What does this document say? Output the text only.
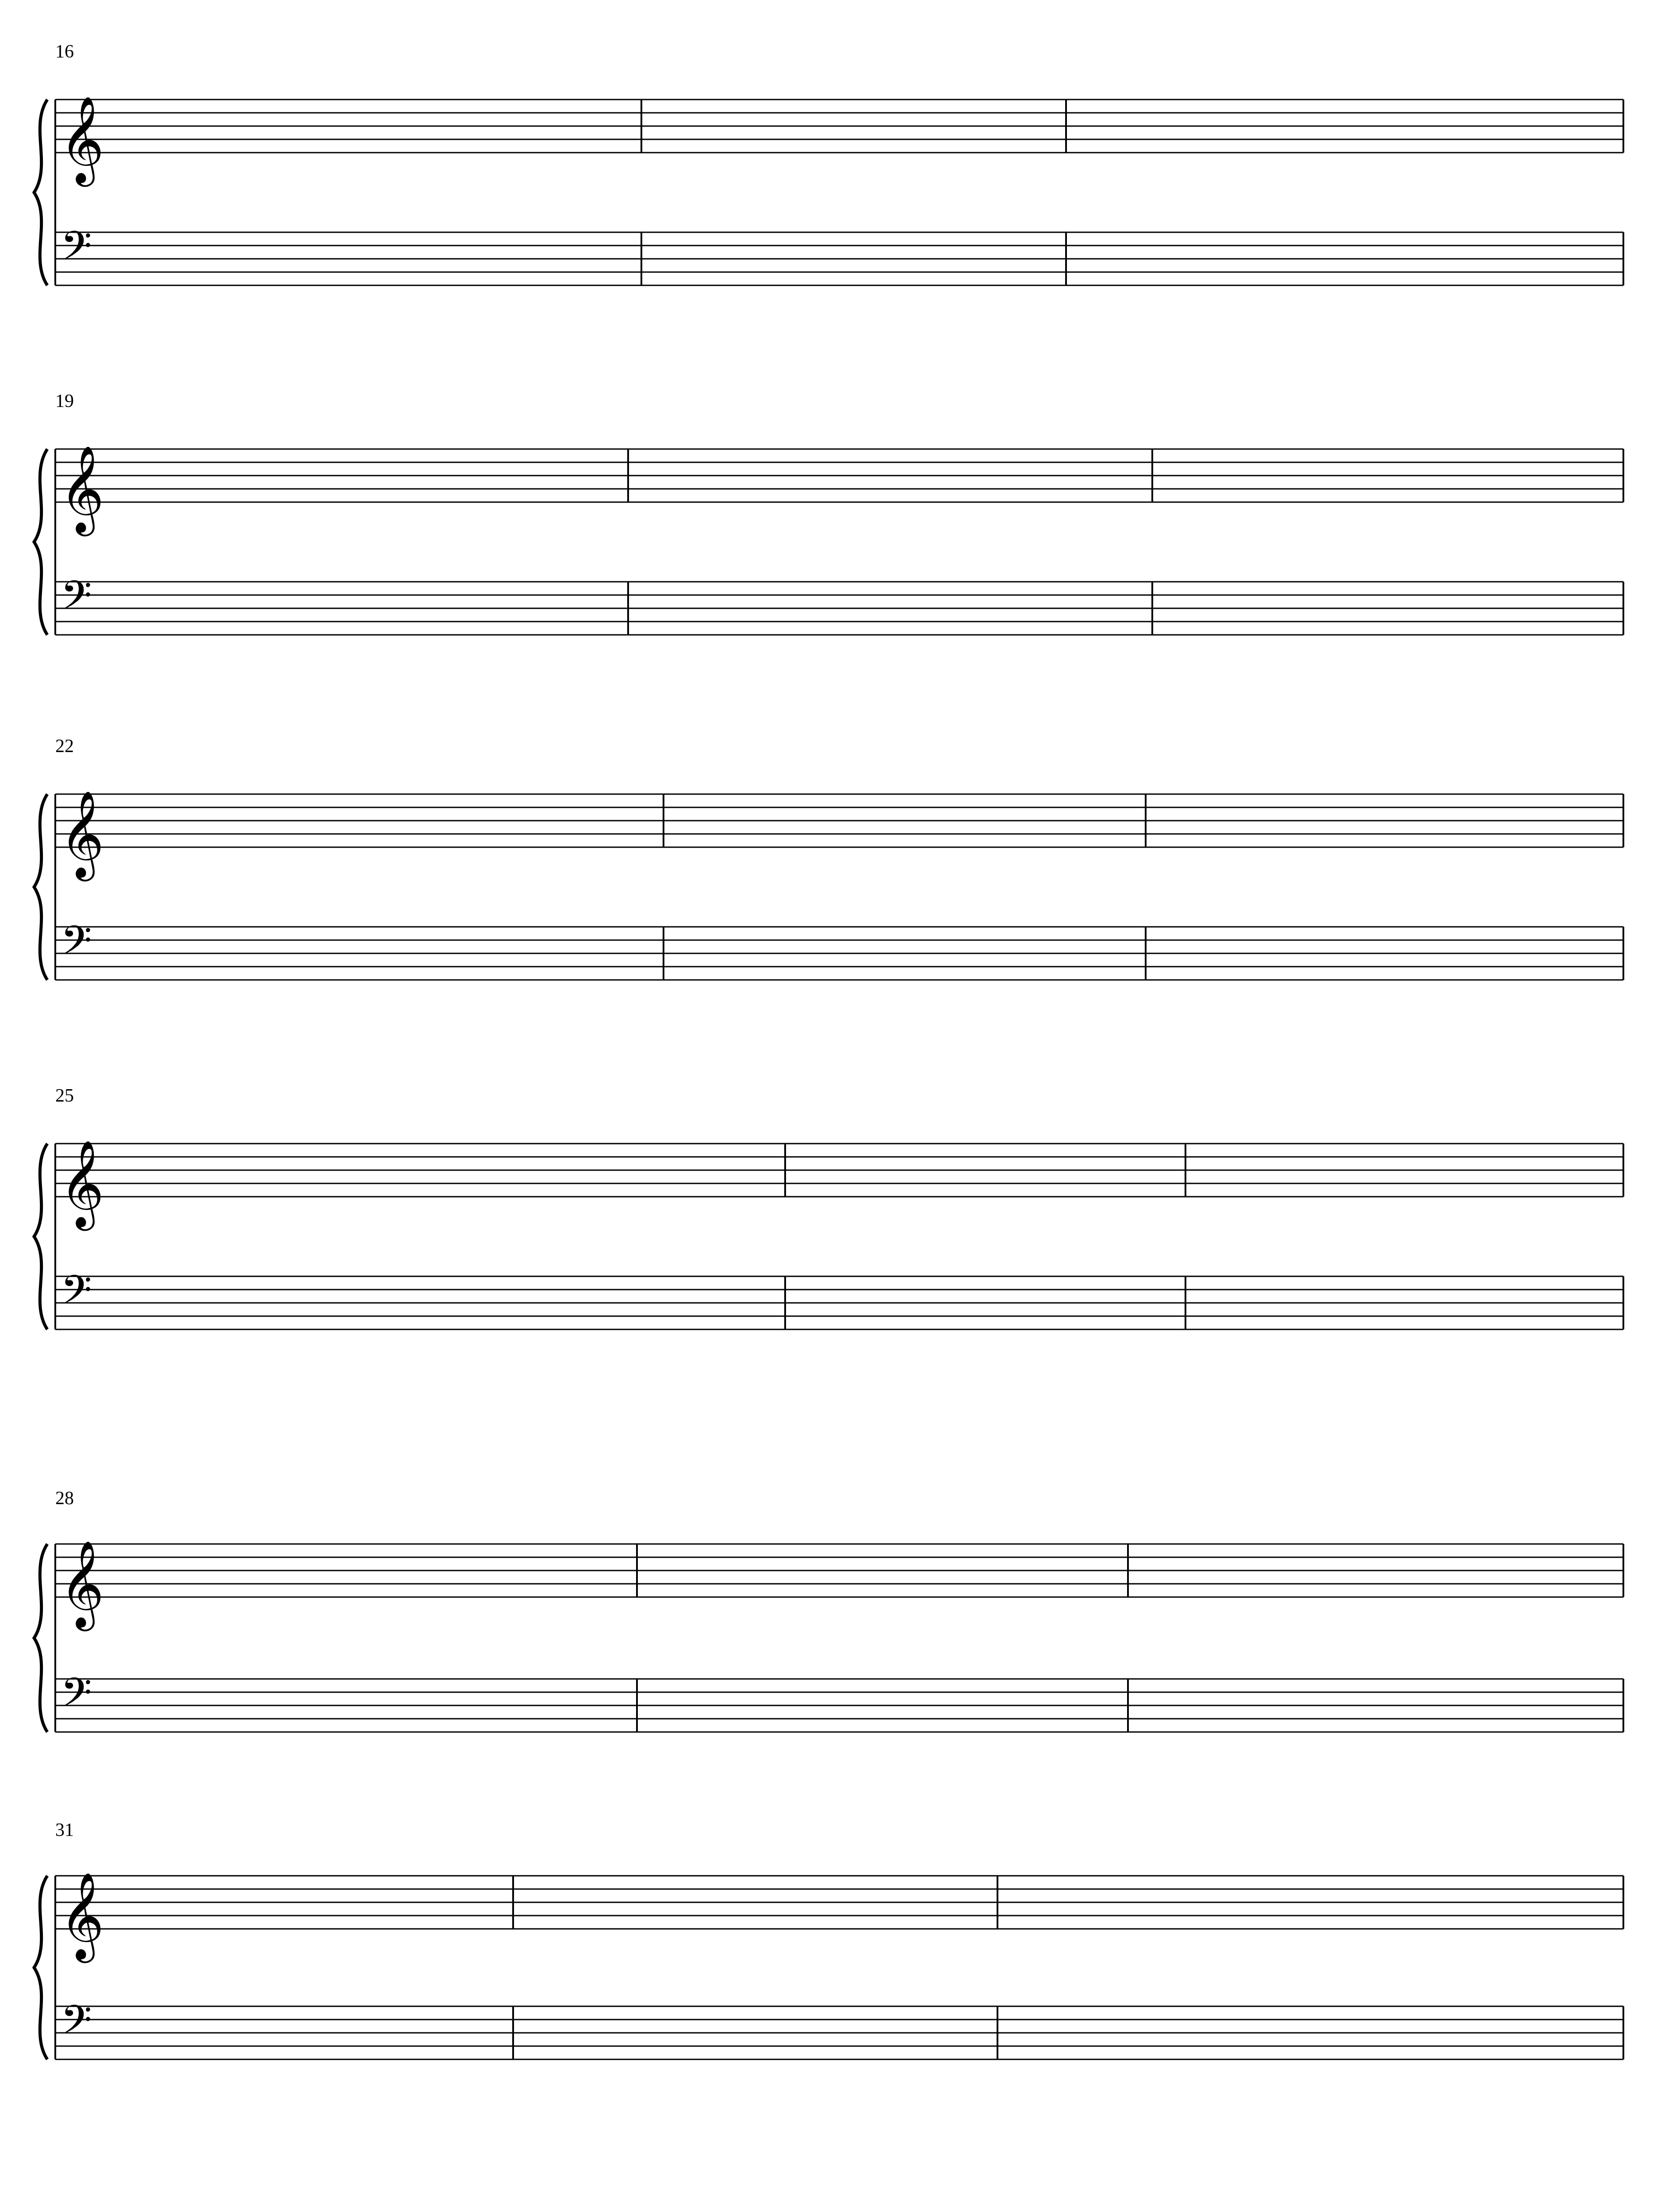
𝄞
𝄢
𝄞
𝄢
𝄞
𝄢
𝄞
𝄢
𝄞
𝄢
𝄞
𝄢
16
19
22
25
28
31
